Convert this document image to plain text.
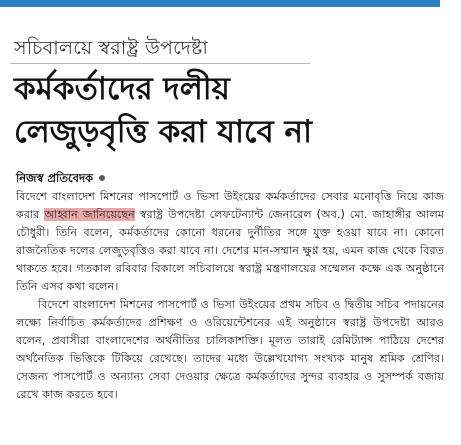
সচিবালয়ে স্বরাষ্ট্র উপদেষ্টা
কর্মকর্তাদের দলীয়
লেজুড়বৃত্তি করা যাবে না
নিজস্ব প্রতিবেদক

বিদেশে বাংলাদেশ মিশনের পাসপোর্ট ও ভিসা উইংয়ের কর্মকর্তাদের সেবার মনোবৃত্তি নিয়ে কাজ করার আহ্বান জানিয়েছেন স্বরাষ্ট্র উপদেষ্টা লেফটেন্যান্ট জেনারেল (অব.) মো. জাহাঙ্গীর আলম চৌধুরী। তিনি বলেন, কর্মকর্তাদের কোনো ধরনের দুর্নীতির সঙ্গে যুক্ত হওয়া যাবে না। কোনো রাজনৈতিক দলের লেজুড়বৃত্তিও করা যাবে না। দেশের মান-সম্মান ক্ষুণ্ণ হয়, এমন কাজ থেকে বিরত থাকতে হবে। গতকাল রবিবার বিকালে সচিবালয়ে স্বরাষ্ট্র মন্ত্রণালয়ের সম্মেলন কক্ষে এক অনুষ্ঠানে তিনি এসব কথা বলেন।

বিদেশে বাংলাদেশ মিশনের পাসপোর্ট ও ভিসা উইংয়ের প্রথম সচিব ও দ্বিতীয় সচিব পদায়নের লক্ষ্যে নির্বাচিত কর্মকর্তাদের প্রশিক্ষণ ও ওরিয়েন্টেশনের এই অনুষ্ঠানে স্বরাষ্ট্র উপদেষ্টা আরও বলেন, প্রবাসীরা বাংলাদেশের অর্থনীতির চালিকাশক্তি। মূলত তারাই রেমিট্যান্স পাঠিয়ে দেশের অর্থনৈতিক ভিত্তিকে টিকিয়ে রেখেছে। তাদের মধ্যে উল্লেখযোগ্য সংখ্যক মানুষ শ্রমিক শ্রেণির। সেজন্য পাসপোর্ট ও অন্যান্য সেবা দেওয়ার ক্ষেত্রে কর্মকর্তাদের সুন্দর ব্যবহার ও সুসম্পর্ক বজায় রেখে কাজ করতে হবে।
